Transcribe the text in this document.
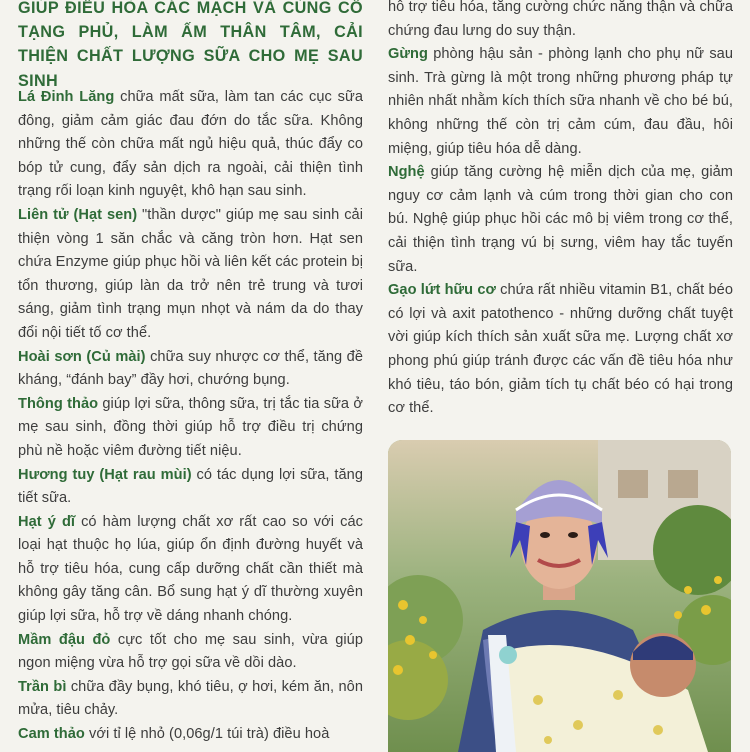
GIÚP ĐIỀU HÒA CÁC MẠCH VÀ CỦNG CỐ TẠNG PHỦ, LÀM ẤM THÂN TÂM, CẢI THIỆN CHẤT LƯỢNG SỮA CHO MẸ SAU SINH

Lá Đinh Lăng chữa mất sữa, làm tan các cục sữa đông, giảm cảm giác đau đớn do tắc sữa. Không những thế còn chữa mất ngủ hiệu quả, thúc đẩy co bóp tử cung, đẩy sản dịch ra ngoài, cải thiện tình trạng rối loạn kinh nguyệt, khô hạn sau sinh.

Liên tử (Hạt sen) "thần dược" giúp mẹ sau sinh cải thiện vòng 1 săn chắc và căng tròn hơn. Hạt sen chứa Enzyme giúp phục hồi và liên kết các protein bị tổn thương, giúp làn da trở nên trẻ trung và tươi sáng, giảm tình trạng mụn nhọt và nám da do thay đổi nội tiết tố cơ thể.

Hoài sơn (Củ mài) chữa suy nhược cơ thể, tăng đề kháng, “đánh bay” đầy hơi, chướng bụng.

Thông thảo giúp lợi sữa, thông sữa, trị tắc tia sữa ở mẹ sau sinh, đồng thời giúp hỗ trợ điều trị chứng phù nề hoặc viêm đường tiết niệu.

Hương tuy (Hạt rau mùi) có tác dụng lợi sữa, tăng tiết sữa.

Hạt ý dĩ có hàm lượng chất xơ rất cao so với các loại hạt thuộc họ lúa, giúp ổn định đường huyết và hỗ trợ tiêu hóa, cung cấp dưỡng chất cần thiết mà không gây tăng cân. Bổ sung hạt ý dĩ thường xuyên giúp lợi sữa, hỗ trợ về dáng nhanh chóng.

Mầm đậu đỏ cực tốt cho mẹ sau sinh, vừa giúp ngon miệng vừa hỗ trợ gọi sữa về dồi dào.

Trần bì chữa đầy bụng, khó tiêu, ợ hơi, kém ăn, nôn mửa, tiêu chảy.

Cam thảo với tỉ lệ nhỏ (0,06g/1 túi trà) điều hoà

hỗ trợ tiêu hóa, tăng cường chức năng thận và chữa chứng đau lưng do suy thận.

Gừng phòng hậu sản - phòng lạnh cho phụ nữ sau sinh. Trà gừng là một trong những phương pháp tự nhiên nhất nhằm kích thích sữa nhanh về cho bé bú, không những thế còn trị cảm cúm, đau đầu, hôi miệng, giúp tiêu hóa dễ dàng.

Nghệ giúp tăng cường hệ miễn dịch của mẹ, giảm nguy cơ cảm lạnh và cúm trong thời gian cho con bú. Nghệ giúp phục hồi các mô bị viêm trong cơ thể, cải thiện tình trạng vú bị sưng, viêm hay tắc tuyến sữa.

Gạo lứt hữu cơ chứa rất nhiều vitamin B1, chất béo có lợi và axit patothenco - những dưỡng chất tuyệt vời giúp kích thích sản xuất sữa mẹ. Lượng chất xơ phong phú giúp tránh được các vấn đề tiêu hóa như khó tiêu, táo bón, giảm tích tụ chất béo có hại trong cơ thể.
